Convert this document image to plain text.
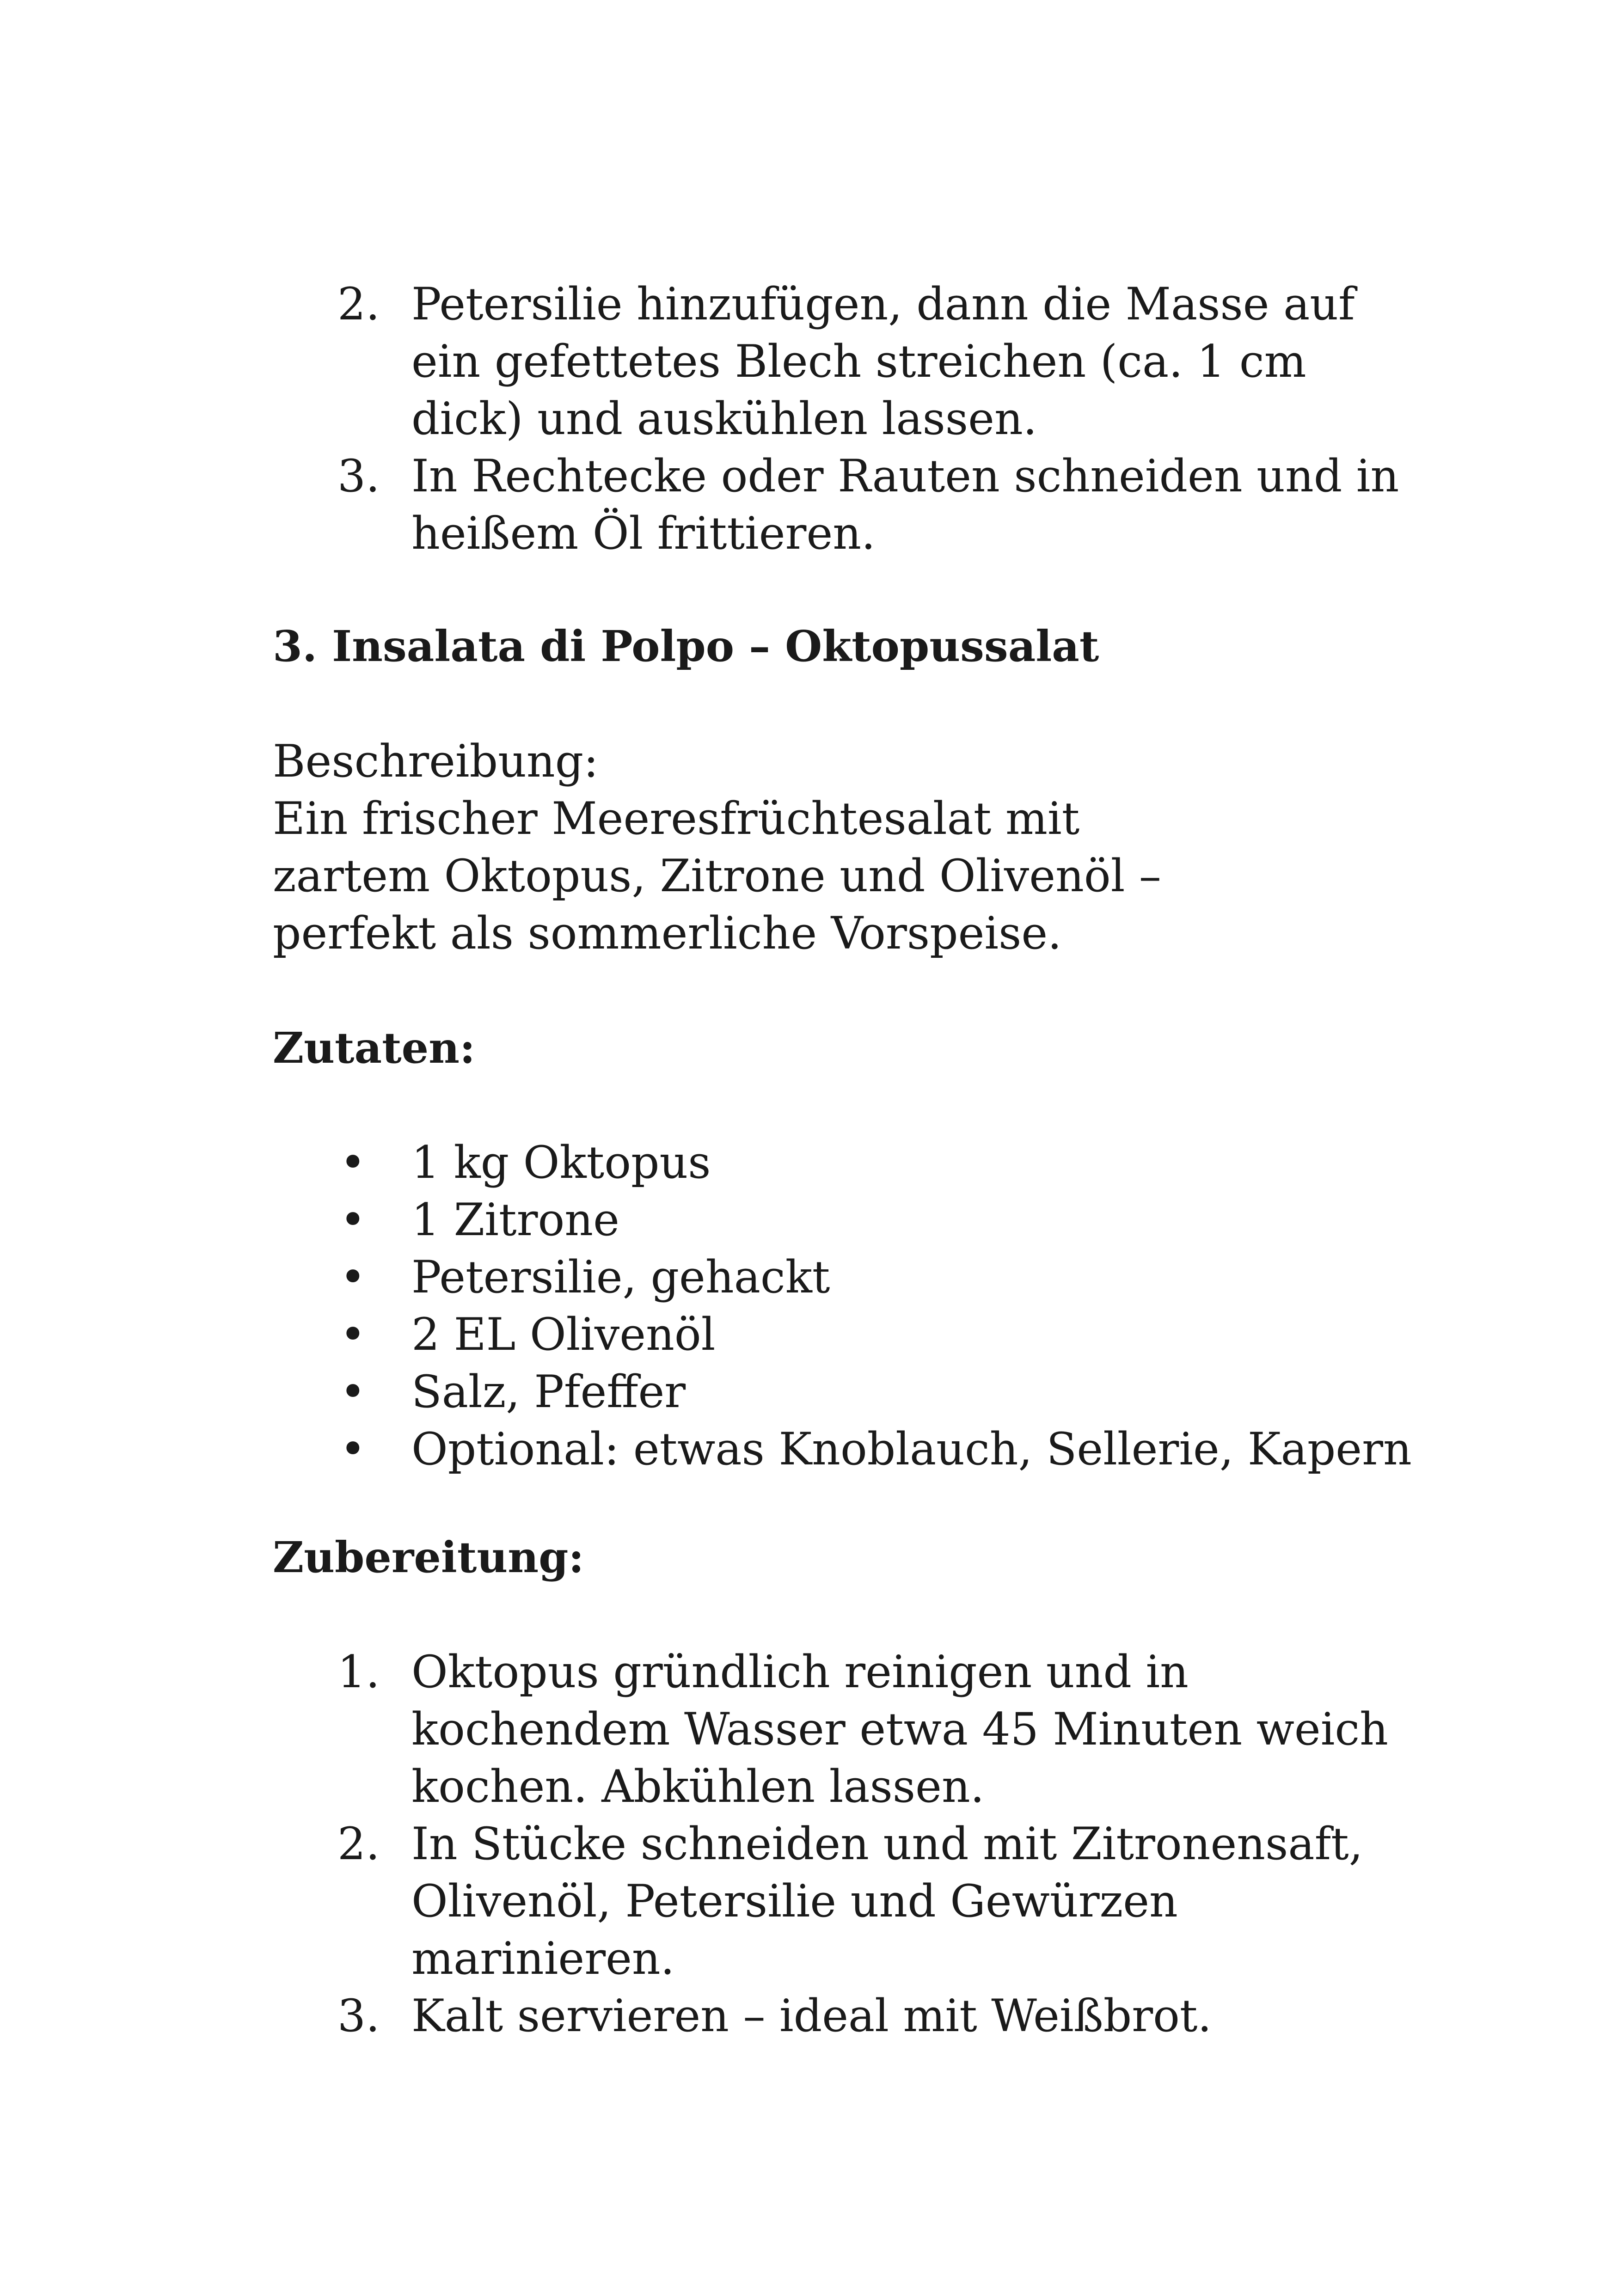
2. Petersilie hinzufügen, dann die Masse auf ein gefettetes Blech streichen (ca. 1 cm dick) und auskühlen lassen.
3. In Rechtecke oder Rauten schneiden und in heißem Öl frittieren.
3. Insalata di Polpo – Oktopussalat
Beschreibung:
Ein frischer Meeresfrüchtesalat mit zartem Oktopus, Zitrone und Olivenöl – perfekt als sommerliche Vorspeise.
Zutaten:
• 1 kg Oktopus
• 1 Zitrone
• Petersilie, gehackt
• 2 EL Olivenöl
• Salz, Pfeffer
• Optional: etwas Knoblauch, Sellerie, Kapern
Zubereitung:
1. Oktopus gründlich reinigen und in kochendem Wasser etwa 45 Minuten weich kochen. Abkühlen lassen.
2. In Stücke schneiden und mit Zitronensaft, Olivenöl, Petersilie und Gewürzen marinieren.
3. Kalt servieren – ideal mit Weißbrot.
